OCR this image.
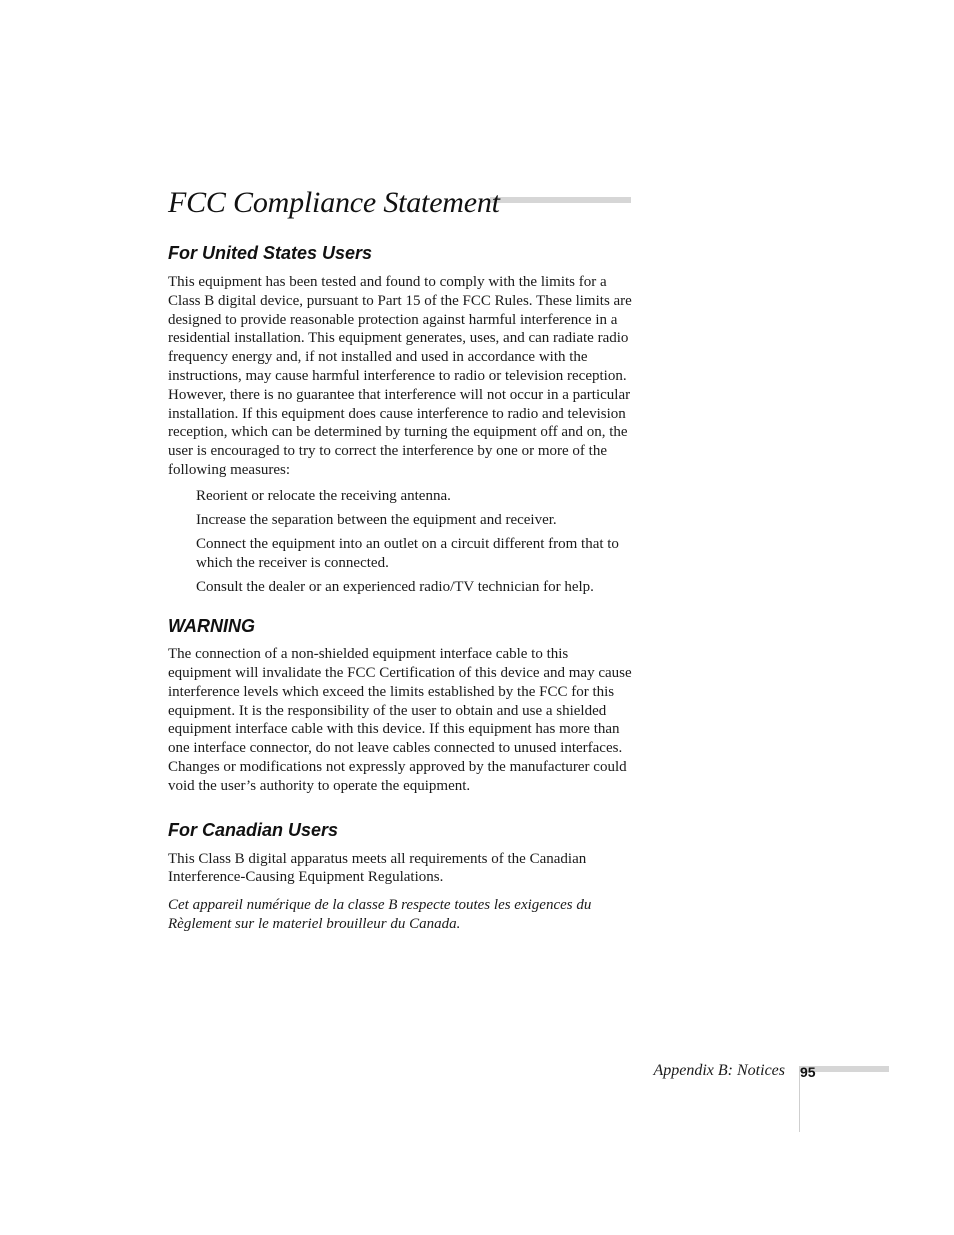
FCC Compliance Statement
For United States Users

This equipment has been tested and found to comply with the limits for a Class B digital device, pursuant to Part 15 of the FCC Rules. These limits are designed to provide reasonable protection against harmful interference in a residential installation. This equipment generates, uses, and can radiate radio frequency energy and, if not installed and used in accordance with the instructions, may cause harmful interference to radio or television reception. However, there is no guarantee that interference will not occur in a particular installation. If this equipment does cause interference to radio and television reception, which can be determined by turning the equipment off and on, the user is encouraged to try to correct the interference by one or more of the following measures:

Reorient or relocate the receiving antenna.
Increase the separation between the equipment and receiver.
Connect the equipment into an outlet on a circuit different from that to which the receiver is connected.
Consult the dealer or an experienced radio/TV technician for help.
WARNING

The connection of a non-shielded equipment interface cable to this equipment will invalidate the FCC Certification of this device and may cause interference levels which exceed the limits established by the FCC for this equipment. It is the responsibility of the user to obtain and use a shielded equipment interface cable with this device. If this equipment has more than one interface connector, do not leave cables connected to unused interfaces. Changes or modifications not expressly approved by the manufacturer could void the user’s authority to operate the equipment.

For Canadian Users

This Class B digital apparatus meets all requirements of the Canadian Interference-Causing Equipment Regulations.

Cet appareil numérique de la classe B respecte toutes les exigences du Règlement sur le materiel brouilleur du Canada.

Appendix B: Notices 95
